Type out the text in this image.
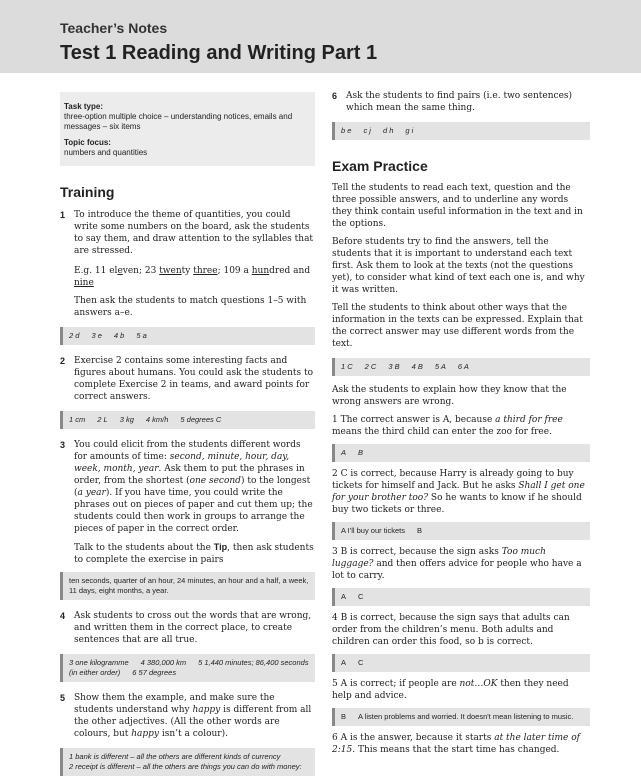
Teacher’s Notes
Test 1 Reading and Writing Part 1
Task type:
three-option multiple choice – understanding notices, emails and messages – six items
Topic focus:
numbers and quantities
Training
1 To introduce the theme of quantities, you could write some numbers on the board, ask the students to say them, and draw attention to the syllables that are stressed.
E.g. 11 eleven; 23 twenty three; 109 a hundred and nine
Then ask the students to match questions 1–5 with answers a–e.
2 d 3 e 4 b 5 a
2 Exercise 2 contains some interesting facts and figures about humans. You could ask the students to complete Exercise 2 in teams, and award points for correct answers.
1 cm 2 L 3 kg 4 km/h 5 degrees C
3 You could elicit from the students different words for amounts of time: second, minute, hour, day, week, month, year. Ask them to put the phrases in order, from the shortest (one second) to the longest (a year). If you have time, you could write the phrases out on pieces of paper and cut them up; the students could then work in groups to arrange the pieces of paper in the correct order.
Talk to the students about the Tip, then ask students to complete the exercise in pairs
ten seconds, quarter of an hour, 24 minutes, an hour and a half, a week, 11 days, eight months, a year.
4 Ask students to cross out the words that are wrong, and written them in the correct place, to create sentences that are all true.
3 one kilogramme 4 380,000 km 5 1,440 minutes; 86,400 seconds
(in either order) 6 57 degrees
5 Show them the example, and make sure the students understand why happy is different from all the other adjectives. (All the other words are colours, but happy isn’t a colour).
1 bank is different – all the others are different kinds of currency
2 receipt is different – all the others are things you can do with money:
6 Ask the students to find pairs (i.e. two sentences) which mean the same thing.
b e c j d h g i
Exam Practice
Tell the students to read each text, question and the three possible answers, and to underline any words they think contain useful information in the text and in the options.
Before students try to find the answers, tell the students that it is important to understand each text first. Ask them to look at the texts (not the questions yet), to consider what kind of text each one is, and why it was written.
Tell the students to think about other ways that the information in the texts can be expressed. Explain that the correct answer may use different words from the text.
1 C 2 C 3 B 4 B 5 A 6 A
Ask the students to explain how they know that the wrong answers are wrong.
1 The correct answer is A, because a third for free means the third child can enter the zoo for free.
A B
2 C is correct, because Harry is already going to buy tickets for himself and Jack. But he asks Shall I get one for your brother too? So he wants to know if he should buy two tickets or three.
A I'll buy our tickets B
3 B is correct, because the sign asks Too much luggage? and then offers advice for people who have a lot to carry.
A C
4 B is correct, because the sign says that adults can order from the children’s menu. Both adults and children can order this food, so b is correct.
A C
5 A is correct; if people are not…OK then they need help and advice.
B A listen problems and worried. It doesn't mean listening to music.
6 A is the answer, because it starts at the later time of 2:15. This means that the start time has changed.
